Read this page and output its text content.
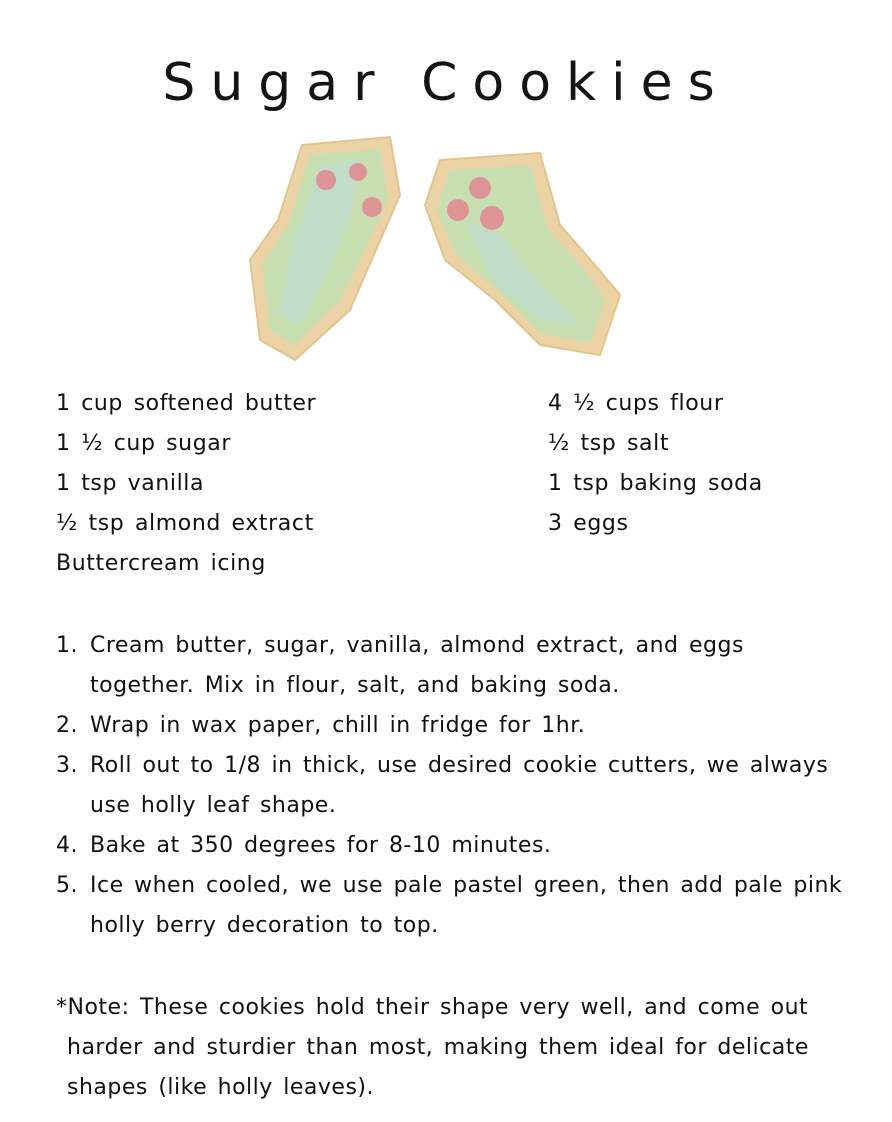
Sugar Cookies
1 cup softened butter
1 ½ cup sugar
1 tsp vanilla
½ tsp almond extract
Buttercream icing
4 ½ cups flour
½ tsp salt
1 tsp baking soda
3 eggs
1. Cream butter, sugar, vanilla, almond extract, and eggs together. Mix in flour, salt, and baking soda.
2. Wrap in wax paper, chill in fridge for 1hr.
3. Roll out to 1/8 in thick, use desired cookie cutters, we always use holly leaf shape.
4. Bake at 350 degrees for 8-10 minutes.
5. Ice when cooled, we use pale pastel green, then add pale pink holly berry decoration to top.
*Note: These cookies hold their shape very well, and come out
harder and sturdier than most, making them ideal for delicate
shapes (like holly leaves).
